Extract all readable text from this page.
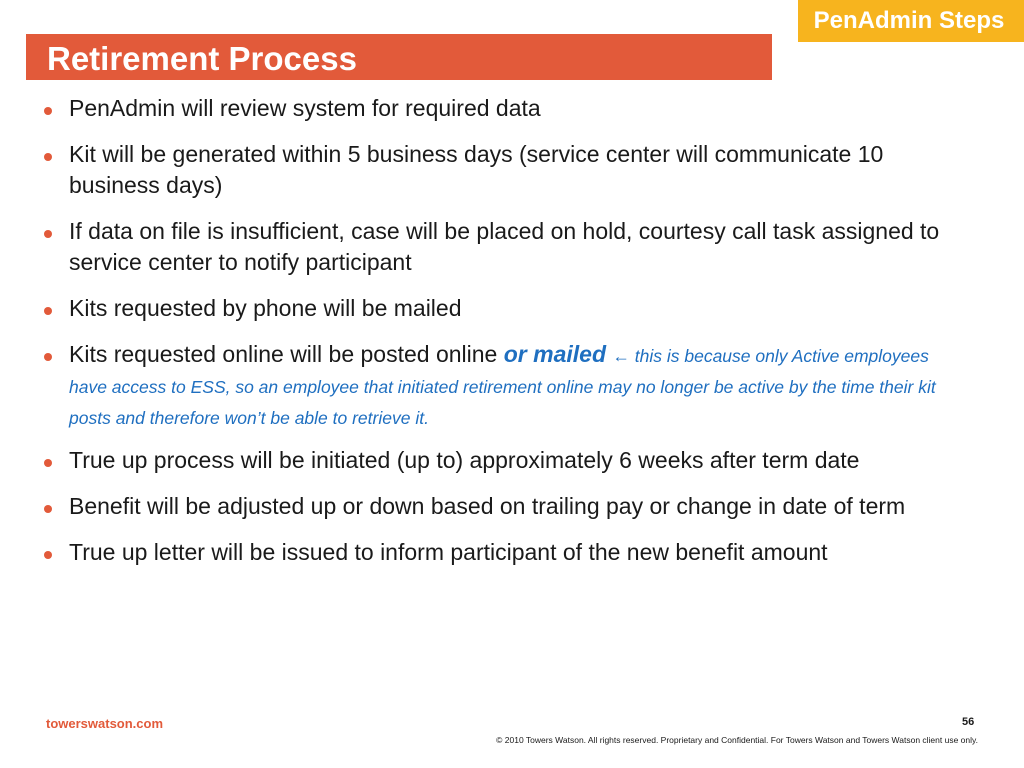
PenAdmin Steps
Retirement Process
PenAdmin will review system for required data
Kit will be generated within 5 business days (service center will communicate 10 business days)
If data on file is insufficient, case will be placed on hold, courtesy call task assigned to service center to notify participant
Kits requested by phone will be mailed
Kits requested online will be posted online or mailed ← this is because only Active employees have access to ESS, so an employee that initiated retirement online may no longer be active by the time their kit posts and therefore won’t be able to retrieve it.
True up process will be initiated (up to) approximately 6 weeks after term date
Benefit will be adjusted up or down based on trailing pay or change in date of term
True up letter will be issued to inform participant of the new benefit amount
towerswatson.com	56
© 2010 Towers Watson. All rights reserved. Proprietary and Confidential. For Towers Watson and Towers Watson client use only.
